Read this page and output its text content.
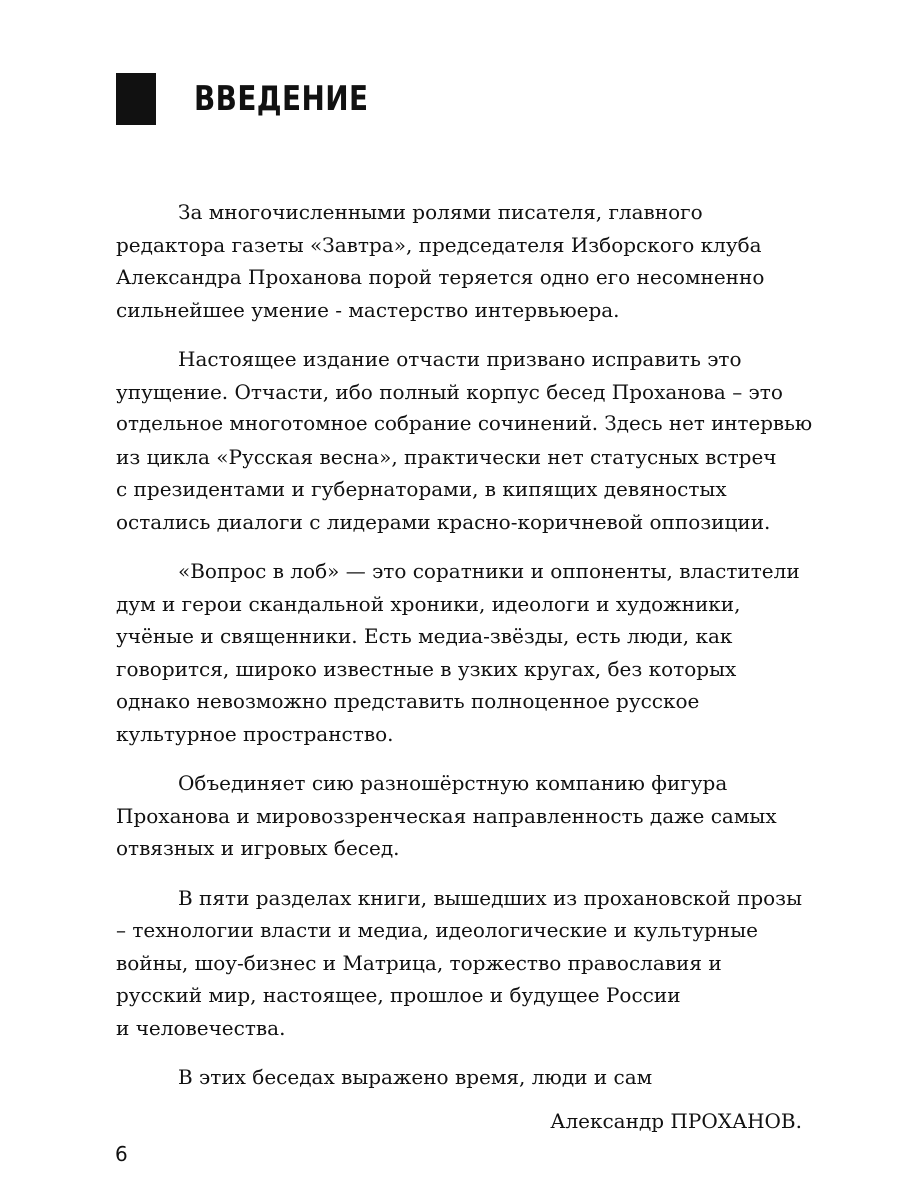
ВВЕДЕНИЕ

За многочисленными ролями писателя, главного
редактора газеты «Завтра», председателя Изборского клуба
Александра Проханова порой теряется одно его несомненно
сильнейшее умение - мастерство интервьюера.

Настоящее издание отчасти призвано исправить это
упущение. Отчасти, ибо полный корпус бесед Проханова – это
отдельное многотомное собрание сочинений. Здесь нет интервью
из цикла «Русская весна», практически нет статусных встреч
с президентами и губернаторами, в кипящих девяностых
остались диалоги с лидерами красно-коричневой оппозиции.

«Вопрос в лоб» — это соратники и оппоненты, властители
дум и герои скандальной хроники, идеологи и художники,
учёные и священники. Есть медиа-звёзды, есть люди, как
говорится, широко известные в узких кругах, без которых
однако невозможно представить полноценное русское
культурное пространство.

Объединяет сию разношёрстную компанию фигура
Проханова и мировоззренческая направленность даже самых
отвязных и игровых бесед.

В пяти разделах книги, вышедших из прохановской прозы
– технологии власти и медиа, идеологические и культурные
войны, шоу-бизнес и Матрица, торжество православия и
русский мир, настоящее, прошлое и будущее России
и человечества.

В этих беседах выражено время, люди и сам

Александр ПРОХАНОВ.
6
